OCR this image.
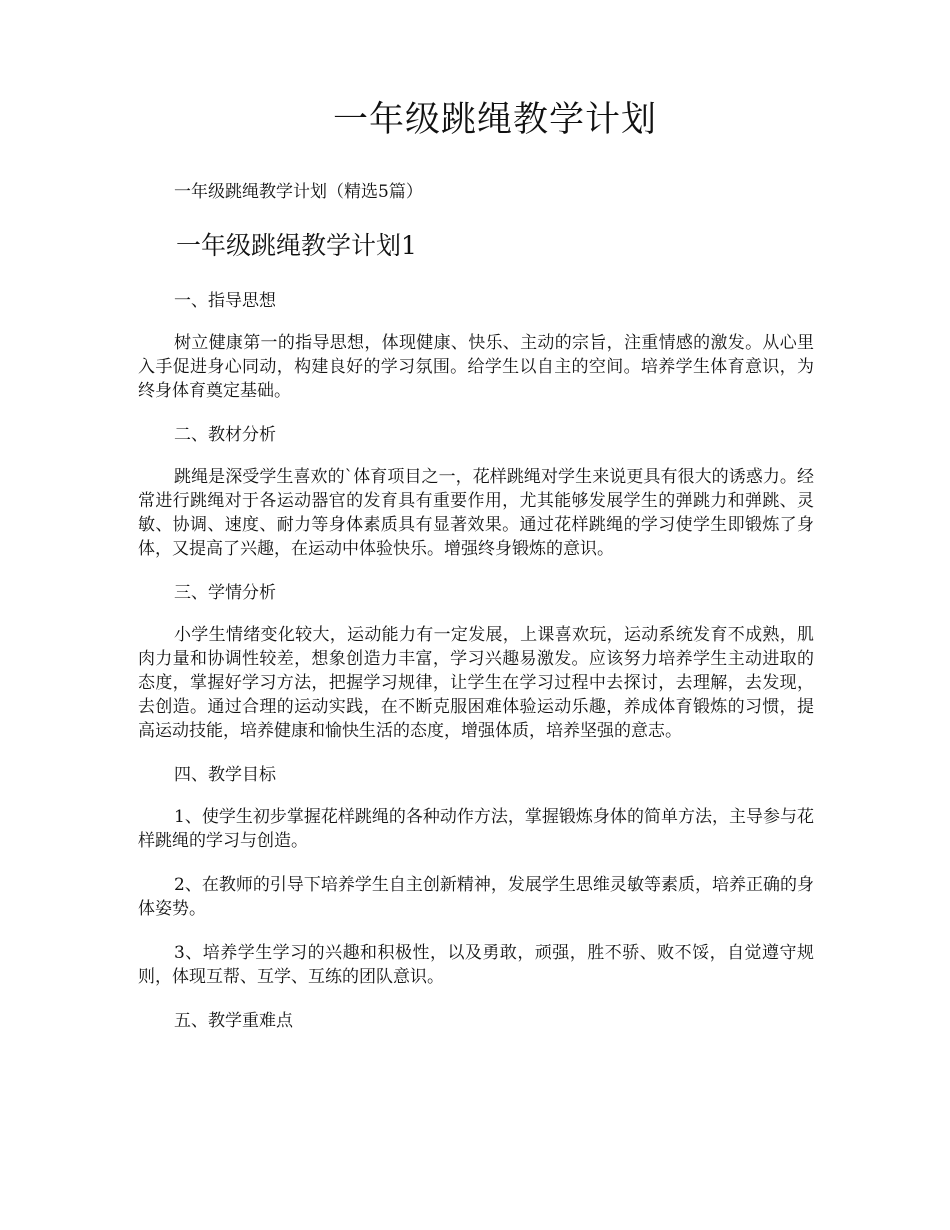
一年级跳绳教学计划

一年级跳绳教学计划（精选5篇）

一年级跳绳教学计划1

一、指导思想

树立健康第一的指导思想，体现健康、快乐、主动的宗旨，注重情感的激发。从心里入手促进身心同动，构建良好的学习氛围。给学生以自主的空间。培养学生体育意识，为终身体育奠定基础。

二、教材分析

跳绳是深受学生喜欢的`体育项目之一，花样跳绳对学生来说更具有很大的诱惑力。经常进行跳绳对于各运动器官的发育具有重要作用，尤其能够发展学生的弹跳力和弹跳、灵敏、协调、速度、耐力等身体素质具有显著效果。通过花样跳绳的学习使学生即锻炼了身体，又提高了兴趣，在运动中体验快乐。增强终身锻炼的意识。

三、学情分析

小学生情绪变化较大，运动能力有一定发展，上课喜欢玩，运动系统发育不成熟，肌肉力量和协调性较差，想象创造力丰富，学习兴趣易激发。应该努力培养学生主动进取的态度，掌握好学习方法，把握学习规律，让学生在学习过程中去探讨，去理解，去发现，去创造。通过合理的运动实践，在不断克服困难体验运动乐趣，养成体育锻炼的习惯，提高运动技能，培养健康和愉快生活的态度，增强体质，培养坚强的意志。

四、教学目标

1、使学生初步掌握花样跳绳的各种动作方法，掌握锻炼身体的简单方法，主导参与花样跳绳的学习与创造。

2、在教师的引导下培养学生自主创新精神，发展学生思维灵敏等素质，培养正确的身体姿势。

3、培养学生学习的兴趣和积极性，以及勇敢，顽强，胜不骄、败不馁，自觉遵守规则，体现互帮、互学、互练的团队意识。

五、教学重难点
